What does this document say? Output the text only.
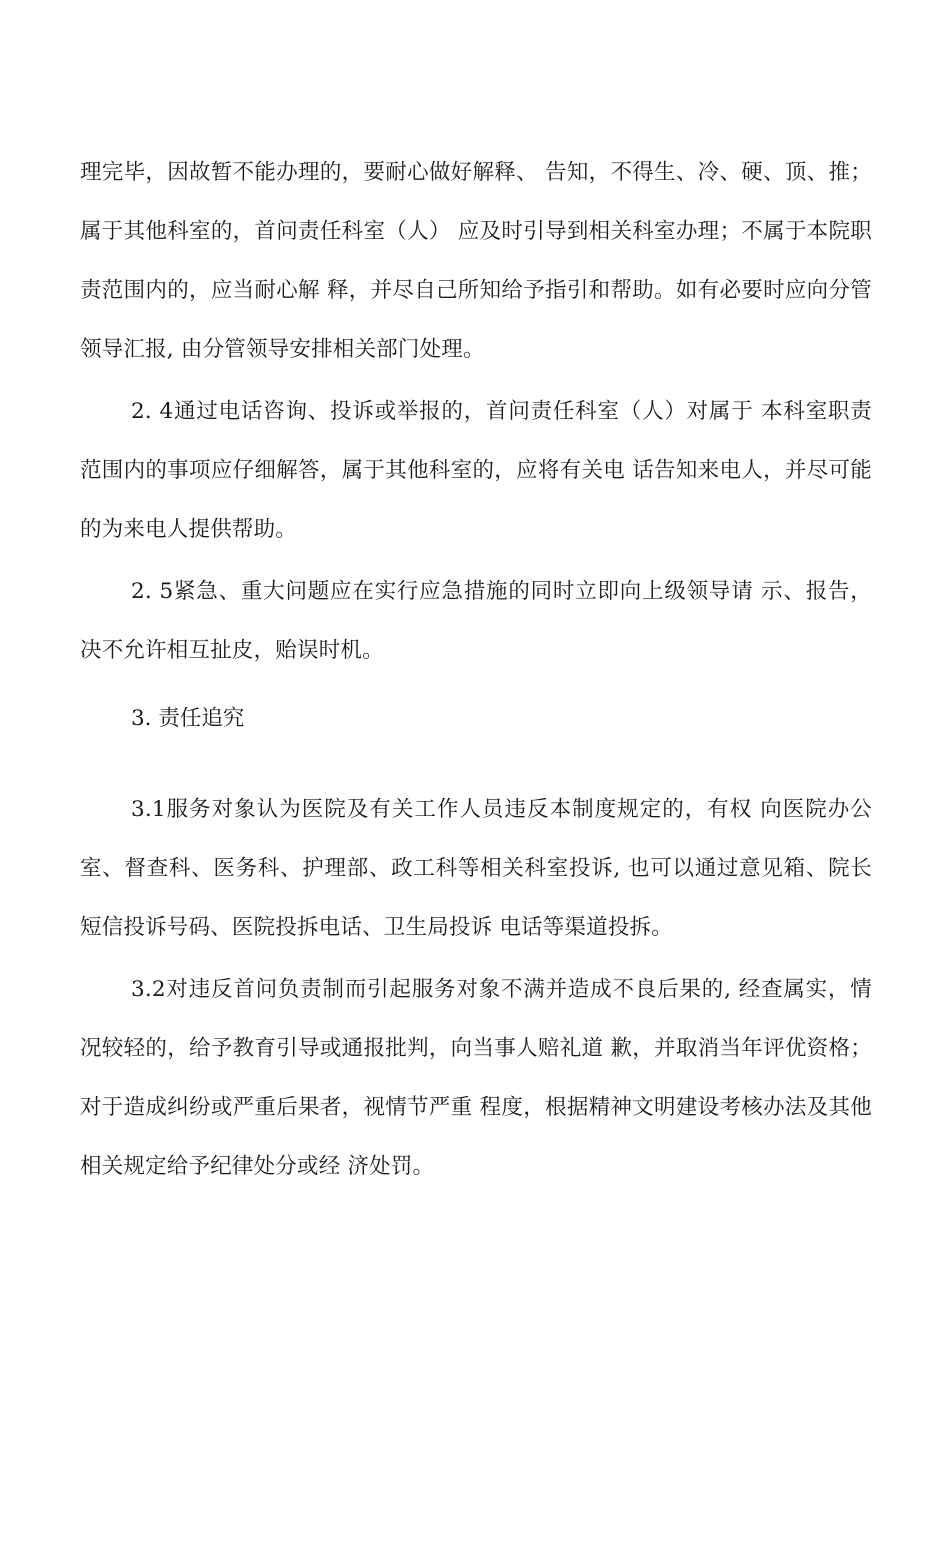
理完毕，因故暂不能办理的，要耐心做好解释、 告知，不得生、冷、硬、顶、推；属于其他科室的，首问责任科室（人） 应及时引导到相关科室办理；不属于本院职责范围内的，应当耐心解 释，并尽自己所知给予指引和帮助。如有必要时应向分管领导汇报, 由分管领导安排相关部门处理。

2. 4通过电话咨询、投诉或举报的，首问责任科室（人）对属于 本科室职责范围内的事项应仔细解答，属于其他科室的，应将有关电 话告知来电人，并尽可能的为来电人提供帮助。

2. 5紧急、重大问题应在实行应急措施的同时立即向上级领导请 示、报告，决不允许相互扯皮，贻误时机。

3. 责任追究

3.1服务对象认为医院及有关工作人员违反本制度规定的，有权 向医院办公室、督查科、医务科、护理部、政工科等相关科室投诉, 也可以通过意见箱、院长短信投诉号码、医院投拆电话、卫生局投诉 电话等渠道投拆。

3.2对违反首问负责制而引起服务对象不满并造成不良后果的, 经查属实，情况较轻的，给予教育引导或通报批判，向当事人赔礼道 歉，并取消当年评优资格；对于造成纠纷或严重后果者，视情节严重 程度，根据精神文明建设考核办法及其他相关规定给予纪律处分或经 济处罚。
